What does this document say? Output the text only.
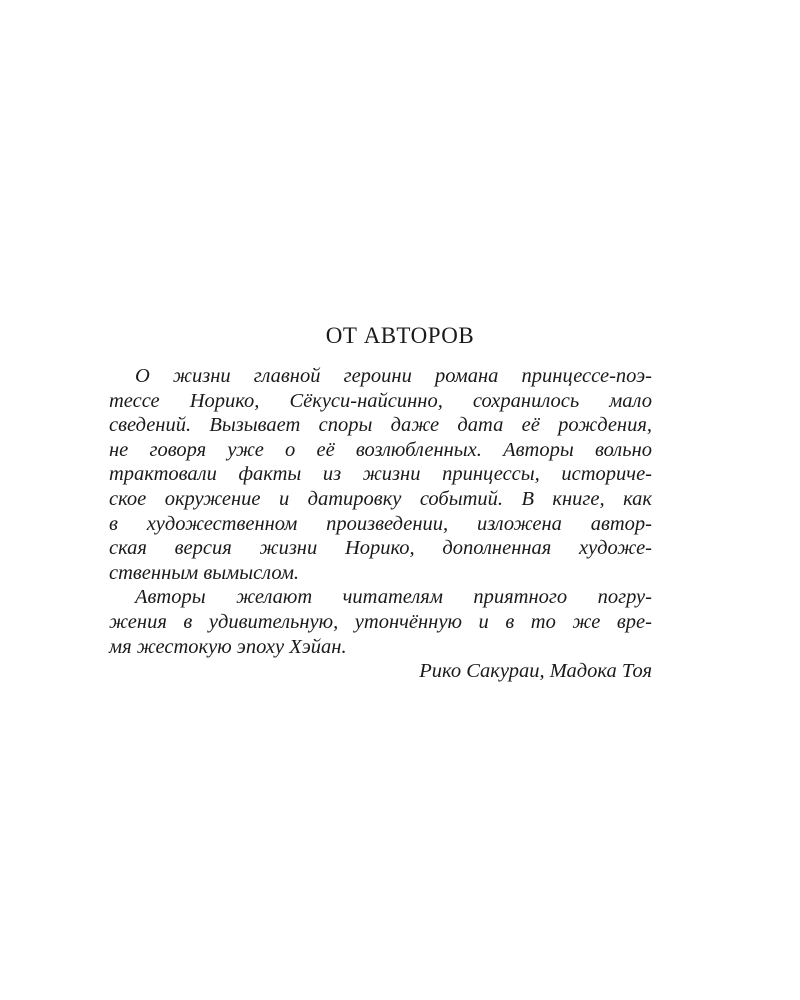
ОТ АВТОРОВ
О жизни главной героини романа принцессе-поэ-
тессе Норико, Сёкуси-найсинно, сохранилось мало
сведений. Вызывает споры даже дата её рождения,
не говоря уже о её возлюбленных. Авторы вольно
трактовали факты из жизни принцессы, историче-
ское окружение и датировку событий. В книге, как
в художественном произведении, изложена автор-
ская версия жизни Норико, дополненная художе-
ственным вымыслом.
Авторы желают читателям приятного погру-
жения в удивительную, утончённую и в то же вре-
мя жестокую эпоху Хэйан.
Рико Сакураи, Мадока Тоя
